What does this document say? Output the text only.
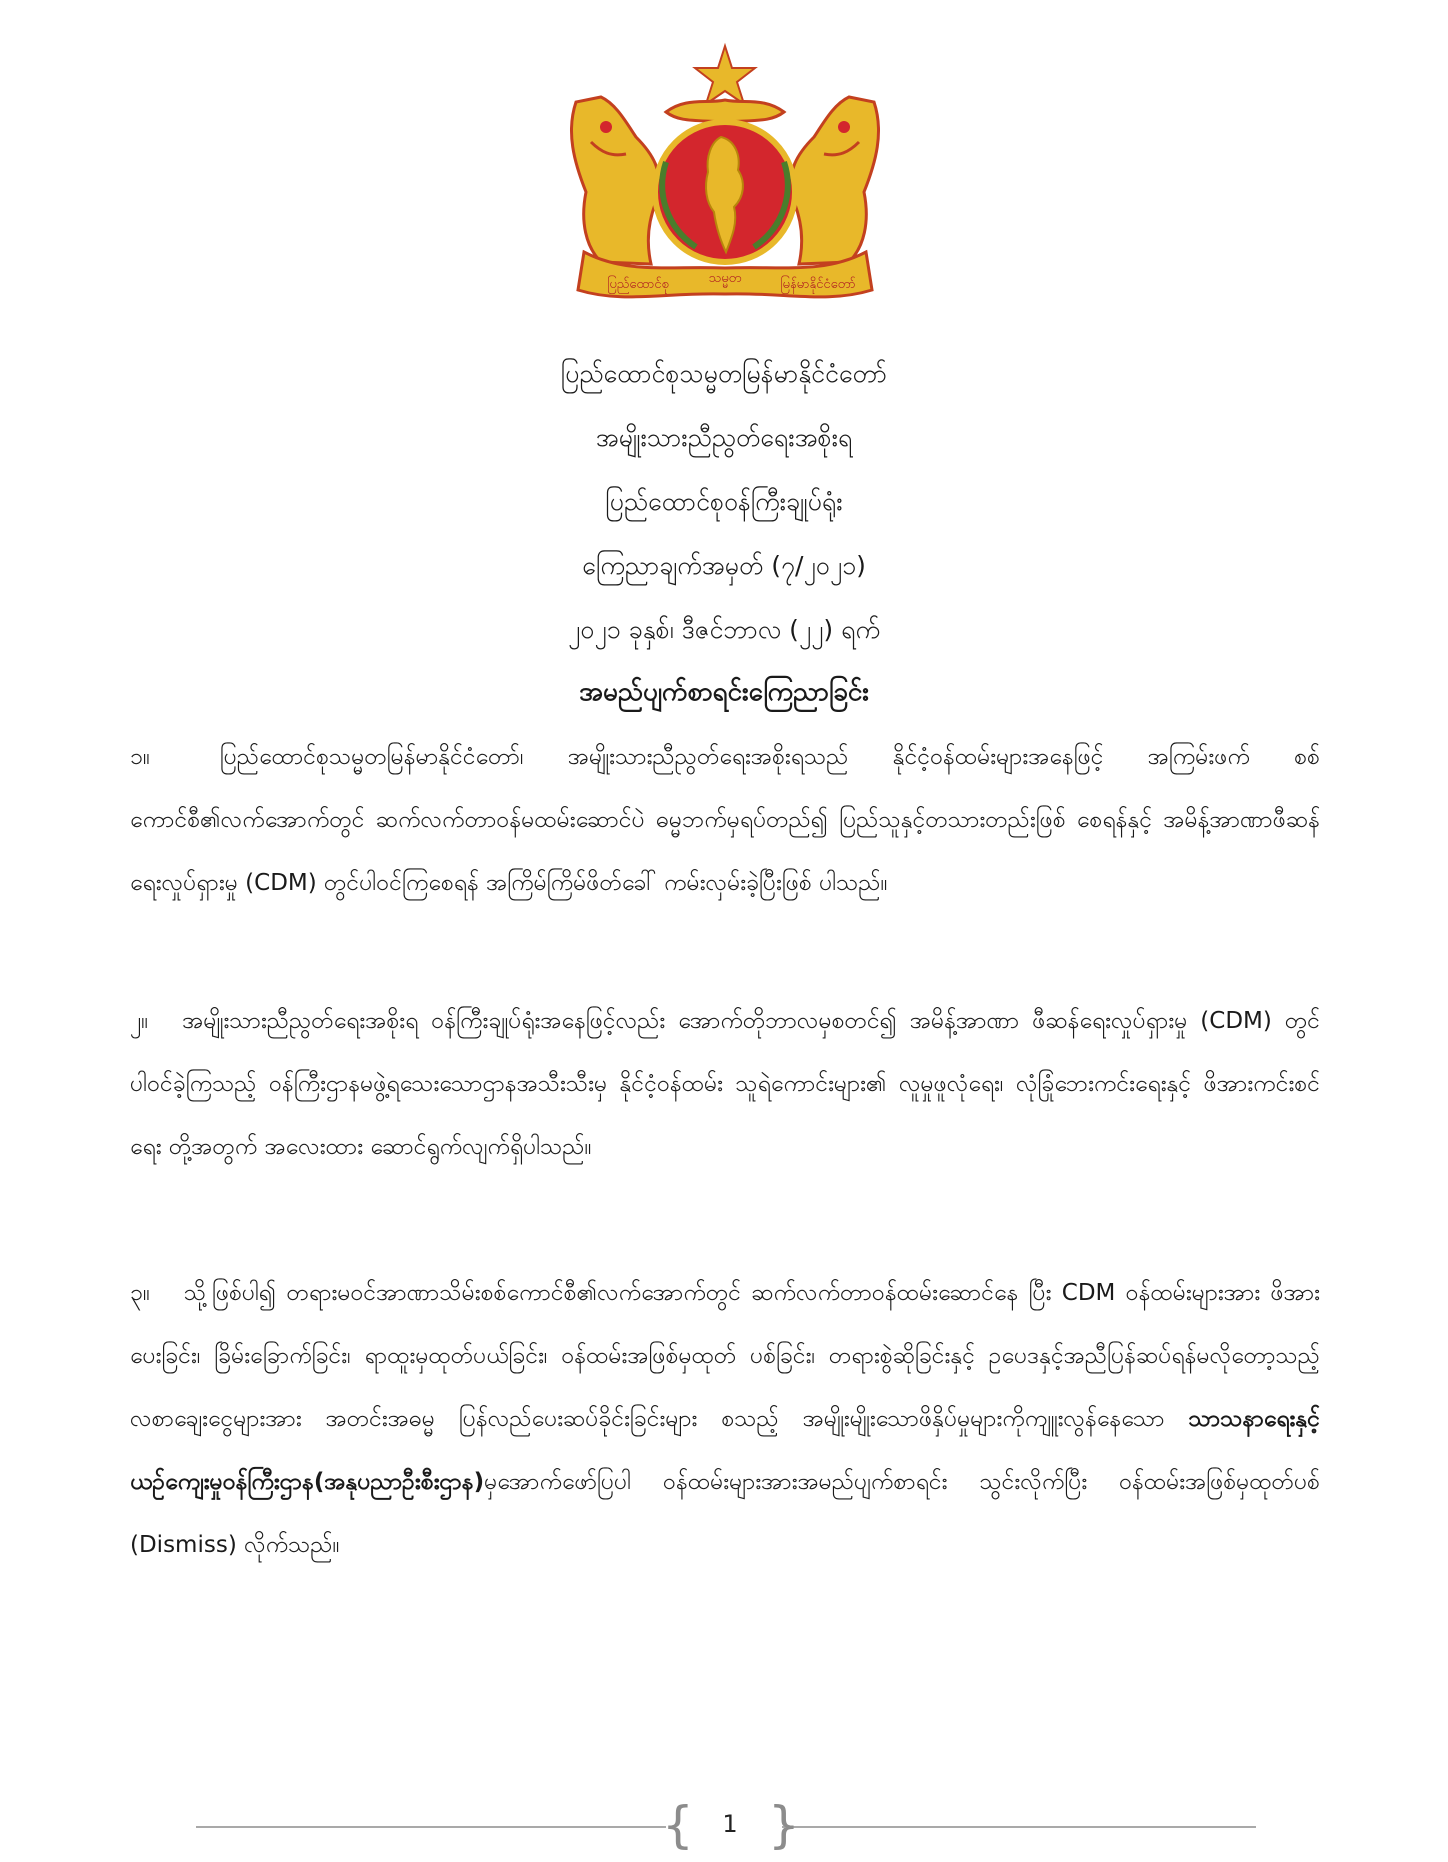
ပြည်ထောင်စု	သမ္မတ	မြန်မာနိုင်ငံတော်
ပြည်ထောင်စုသမ္မတမြန်မာနိုင်ငံတော်
အမျိုးသားညီညွတ်ရေးအစိုးရ
ပြည်ထောင်စုဝန်ကြီးချုပ်ရုံး
ကြေညာချက်အမှတ် (၇/၂၀၂၁)
၂၀၂၁ ခုနှစ်၊ ဒီဇင်ဘာလ (၂၂) ရက်
အမည်ပျက်စာရင်းကြေညာခြင်း
၁။	ပြည်ထောင်စုသမ္မတမြန်မာနိုင်ငံတော်၊ အမျိုးသားညီညွတ်ရေးအစိုးရသည် နိုင်ငံ့ဝန်ထမ်းများအနေဖြင့် အကြမ်းဖက် စစ်ကောင်စီ၏လက်အောက်တွင် ဆက်လက်တာဝန်မထမ်းဆောင်ပဲ ဓမ္မဘက်မှရပ်တည်၍ ပြည်သူနှင့်တသားတည်းဖြစ် စေရန်နှင့် အမိန့်အာဏာဖီဆန်ရေးလှုပ်ရှားမှု (CDM) တွင်ပါဝင်ကြစေရန် အကြိမ်ကြိမ်ဖိတ်ခေါ် ကမ်းလှမ်းခဲ့ပြီးဖြစ် ပါသည်။
၂။ အမျိုးသားညီညွတ်ရေးအစိုးရ ဝန်ကြီးချုပ်ရုံးအနေဖြင့်လည်း အောက်တိုဘာလမှစတင်၍ အမိန့်အာဏာ ဖီဆန်ရေးလှုပ်ရှားမှု (CDM) တွင်ပါဝင်ခဲ့ကြသည့် ဝန်ကြီးဌာနမဖွဲ့ရသေးသောဌာနအသီးသီးမှ နိုင်ငံ့ဝန်ထမ်း သူရဲကောင်းများ၏ လူမှုဖူလုံရေး၊ လုံခြုံဘေးကင်းရေးနှင့် ဖိအားကင်းစင်ရေး တို့အတွက် အလေးထား ဆောင်ရွက်လျက်ရှိပါသည်။
၃။ သို့ဖြစ်ပါ၍ တရားမဝင်အာဏာသိမ်းစစ်ကောင်စီ၏လက်အောက်တွင် ဆက်လက်တာဝန်ထမ်းဆောင်နေ ပြီး CDM ဝန်ထမ်းများအား ဖိအားပေးခြင်း၊ ခြိမ်းခြောက်ခြင်း၊ ရာထူးမှထုတ်ပယ်ခြင်း၊ ဝန်ထမ်းအဖြစ်မှထုတ် ပစ်ခြင်း၊ တရားစွဲဆိုခြင်းနှင့် ဥပေဒနှင့်အညီပြန်ဆပ်ရန်မလိုတော့သည့် လစာချေးငွေများအား အတင်းအဓမ္မ ပြန်လည်ပေးဆပ်ခိုင်းခြင်းများ စသည့် အမျိုးမျိုးသောဖိနှိပ်မှုများကိုကျူးလွန်နေသော သာသနာရေးနှင့်ယဉ်ကျေးမှုဝန်ကြီးဌာန(အနုပညာဦးစီးဌာန)မှအောက်ဖော်ပြပါ ဝန်ထမ်းများအားအမည်ပျက်စာရင်း သွင်းလိုက်ပြီး ဝန်ထမ်းအဖြစ်မှထုတ်ပစ် (Dismiss) လိုက်သည်။
{ }
1
